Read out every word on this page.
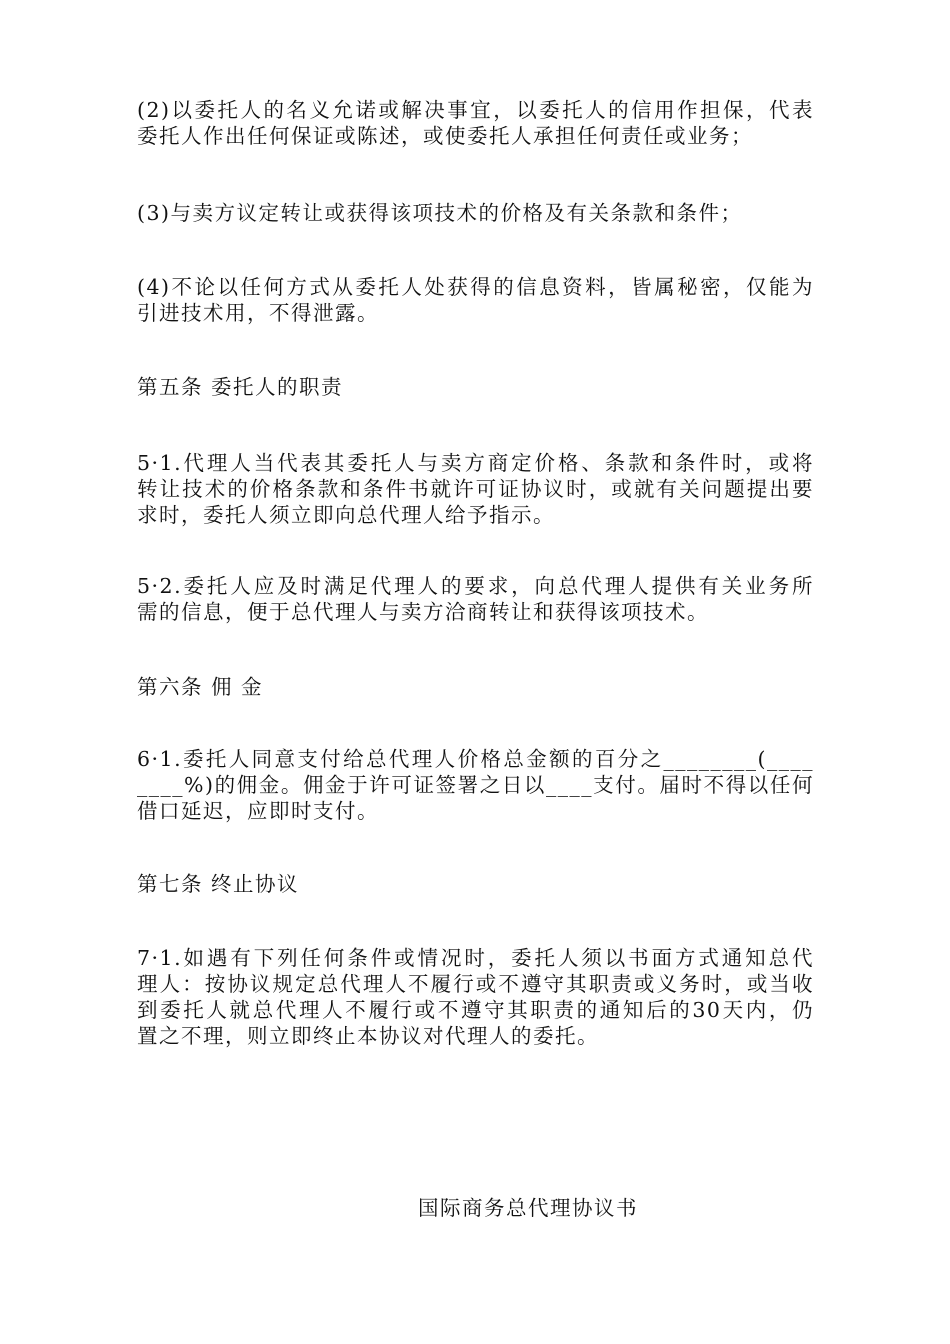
(2)以委托人的名义允诺或解决事宜，以委托人的信用作担保，代表
委托人作出任何保证或陈述，或使委托人承担任何责任或业务；
(3)与卖方议定转让或获得该项技术的价格及有关条款和条件；
(4)不论以任何方式从委托人处获得的信息资料，皆属秘密，仅能为
引进技术用，不得泄露。
第五条 委托人的职责
5·1.代理人当代表其委托人与卖方商定价格、条款和条件时，或将
转让技术的价格条款和条件书就许可证协议时，或就有关问题提出要
求时，委托人须立即向总代理人给予指示。
5·2.委托人应及时满足代理人的要求，向总代理人提供有关业务所
需的信息，便于总代理人与卖方洽商转让和获得该项技术。
第六条 佣 金
6·1.委托人同意支付给总代理人价格总金额的百分之________(____
____%)的佣金。佣金于许可证签署之日以____支付。届时不得以任何
借口延迟，应即时支付。
第七条 终止协议
7·1.如遇有下列任何条件或情况时，委托人须以书面方式通知总代
理人：按协议规定总代理人不履行或不遵守其职责或义务时，或当收
到委托人就总代理人不履行或不遵守其职责的通知后的30天内，仍
置之不理，则立即终止本协议对代理人的委托。
国际商务总代理协议书
